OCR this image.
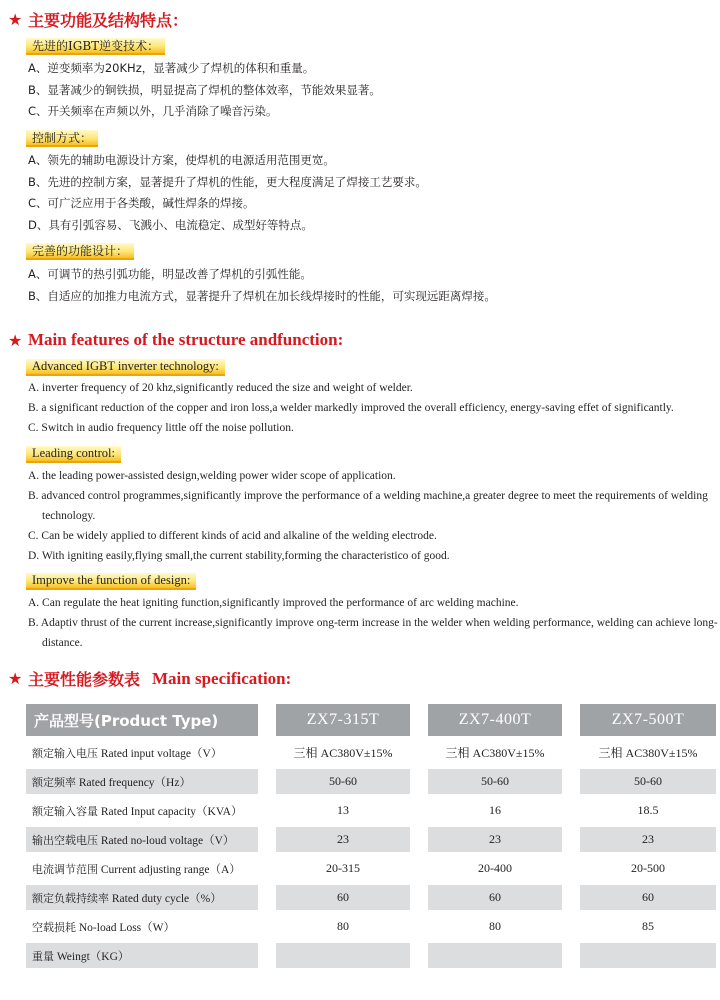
★ 主要功能及结构特点：
先进的IGBT逆变技术：
A、逆变频率为20KHz，显著减少了焊机的体积和重量。
B、显著减少的铜铁损，明显提高了焊机的整体效率，节能效果显著。
C、开关频率在声频以外，几乎消除了噪音污染。
控制方式：
A、领先的辅助电源设计方案，使焊机的电源适用范围更宽。
B、先进的控制方案，显著提升了焊机的性能，更大程度满足了焊接工艺要求。
C、可广泛应用于各类酸，碱性焊条的焊接。
D、具有引弧容易、飞溅小、电流稳定、成型好等特点。
完善的功能设计：
A、可调节的热引弧功能，明显改善了焊机的引弧性能。
B、自适应的加推力电流方式，显著提升了焊机在加长线焊接时的性能，可实现远距离焊接。
★ Main features of the structure andfunction:
Advanced IGBT inverter technology:
A. inverter frequency of 20 khz,significantly reduced the size and weight of welder.
B. a significant reduction of the copper and iron loss,a welder markedly improved the overall efficiency, energy-saving effet of significantly.
C. Switch in audio frequency little off the noise pollution.
Leading control:
A. the leading power-assisted design,welding power wider scope of application.
B. advanced control programmes,significantly improve the performance of a welding machine,a greater degree to meet the requirements of welding technology.
C. Can be widely applied to different kinds of acid and alkaline of the welding electrode.
D. With igniting easily,flying small,the current stability,forming the characteristico of good.
Improve the function of design:
A. Can regulate the heat igniting function,significantly improved the performance of arc welding machine.
B. Adaptiv thrust of the current increase,significantly improve ong-term increase in the welder when welding performance, welding can achieve long-distance.
★ 主要性能参数表 Main specification:
产品型号(Product Type)		ZX7-315T		ZX7-400T		ZX7-500T
额定输入电压 Rated input voltage（V）		三相 AC380V±15%		三相 AC380V±15%		三相 AC380V±15%
额定频率 Rated frequency（Hz）		50-60		50-60		50-60
额定输入容量 Rated Input capacity（KVA）		13		16		18.5
输出空载电压 Rated no-loud voltage（V）		23		23		23
电流调节范围 Current adjusting range（A）		20-315		20-400		20-500
额定负载持续率 Rated duty cycle（%）		60		60		60
空载损耗 No-load Loss（W）		80		80		85
重量 Weingt（KG）						
